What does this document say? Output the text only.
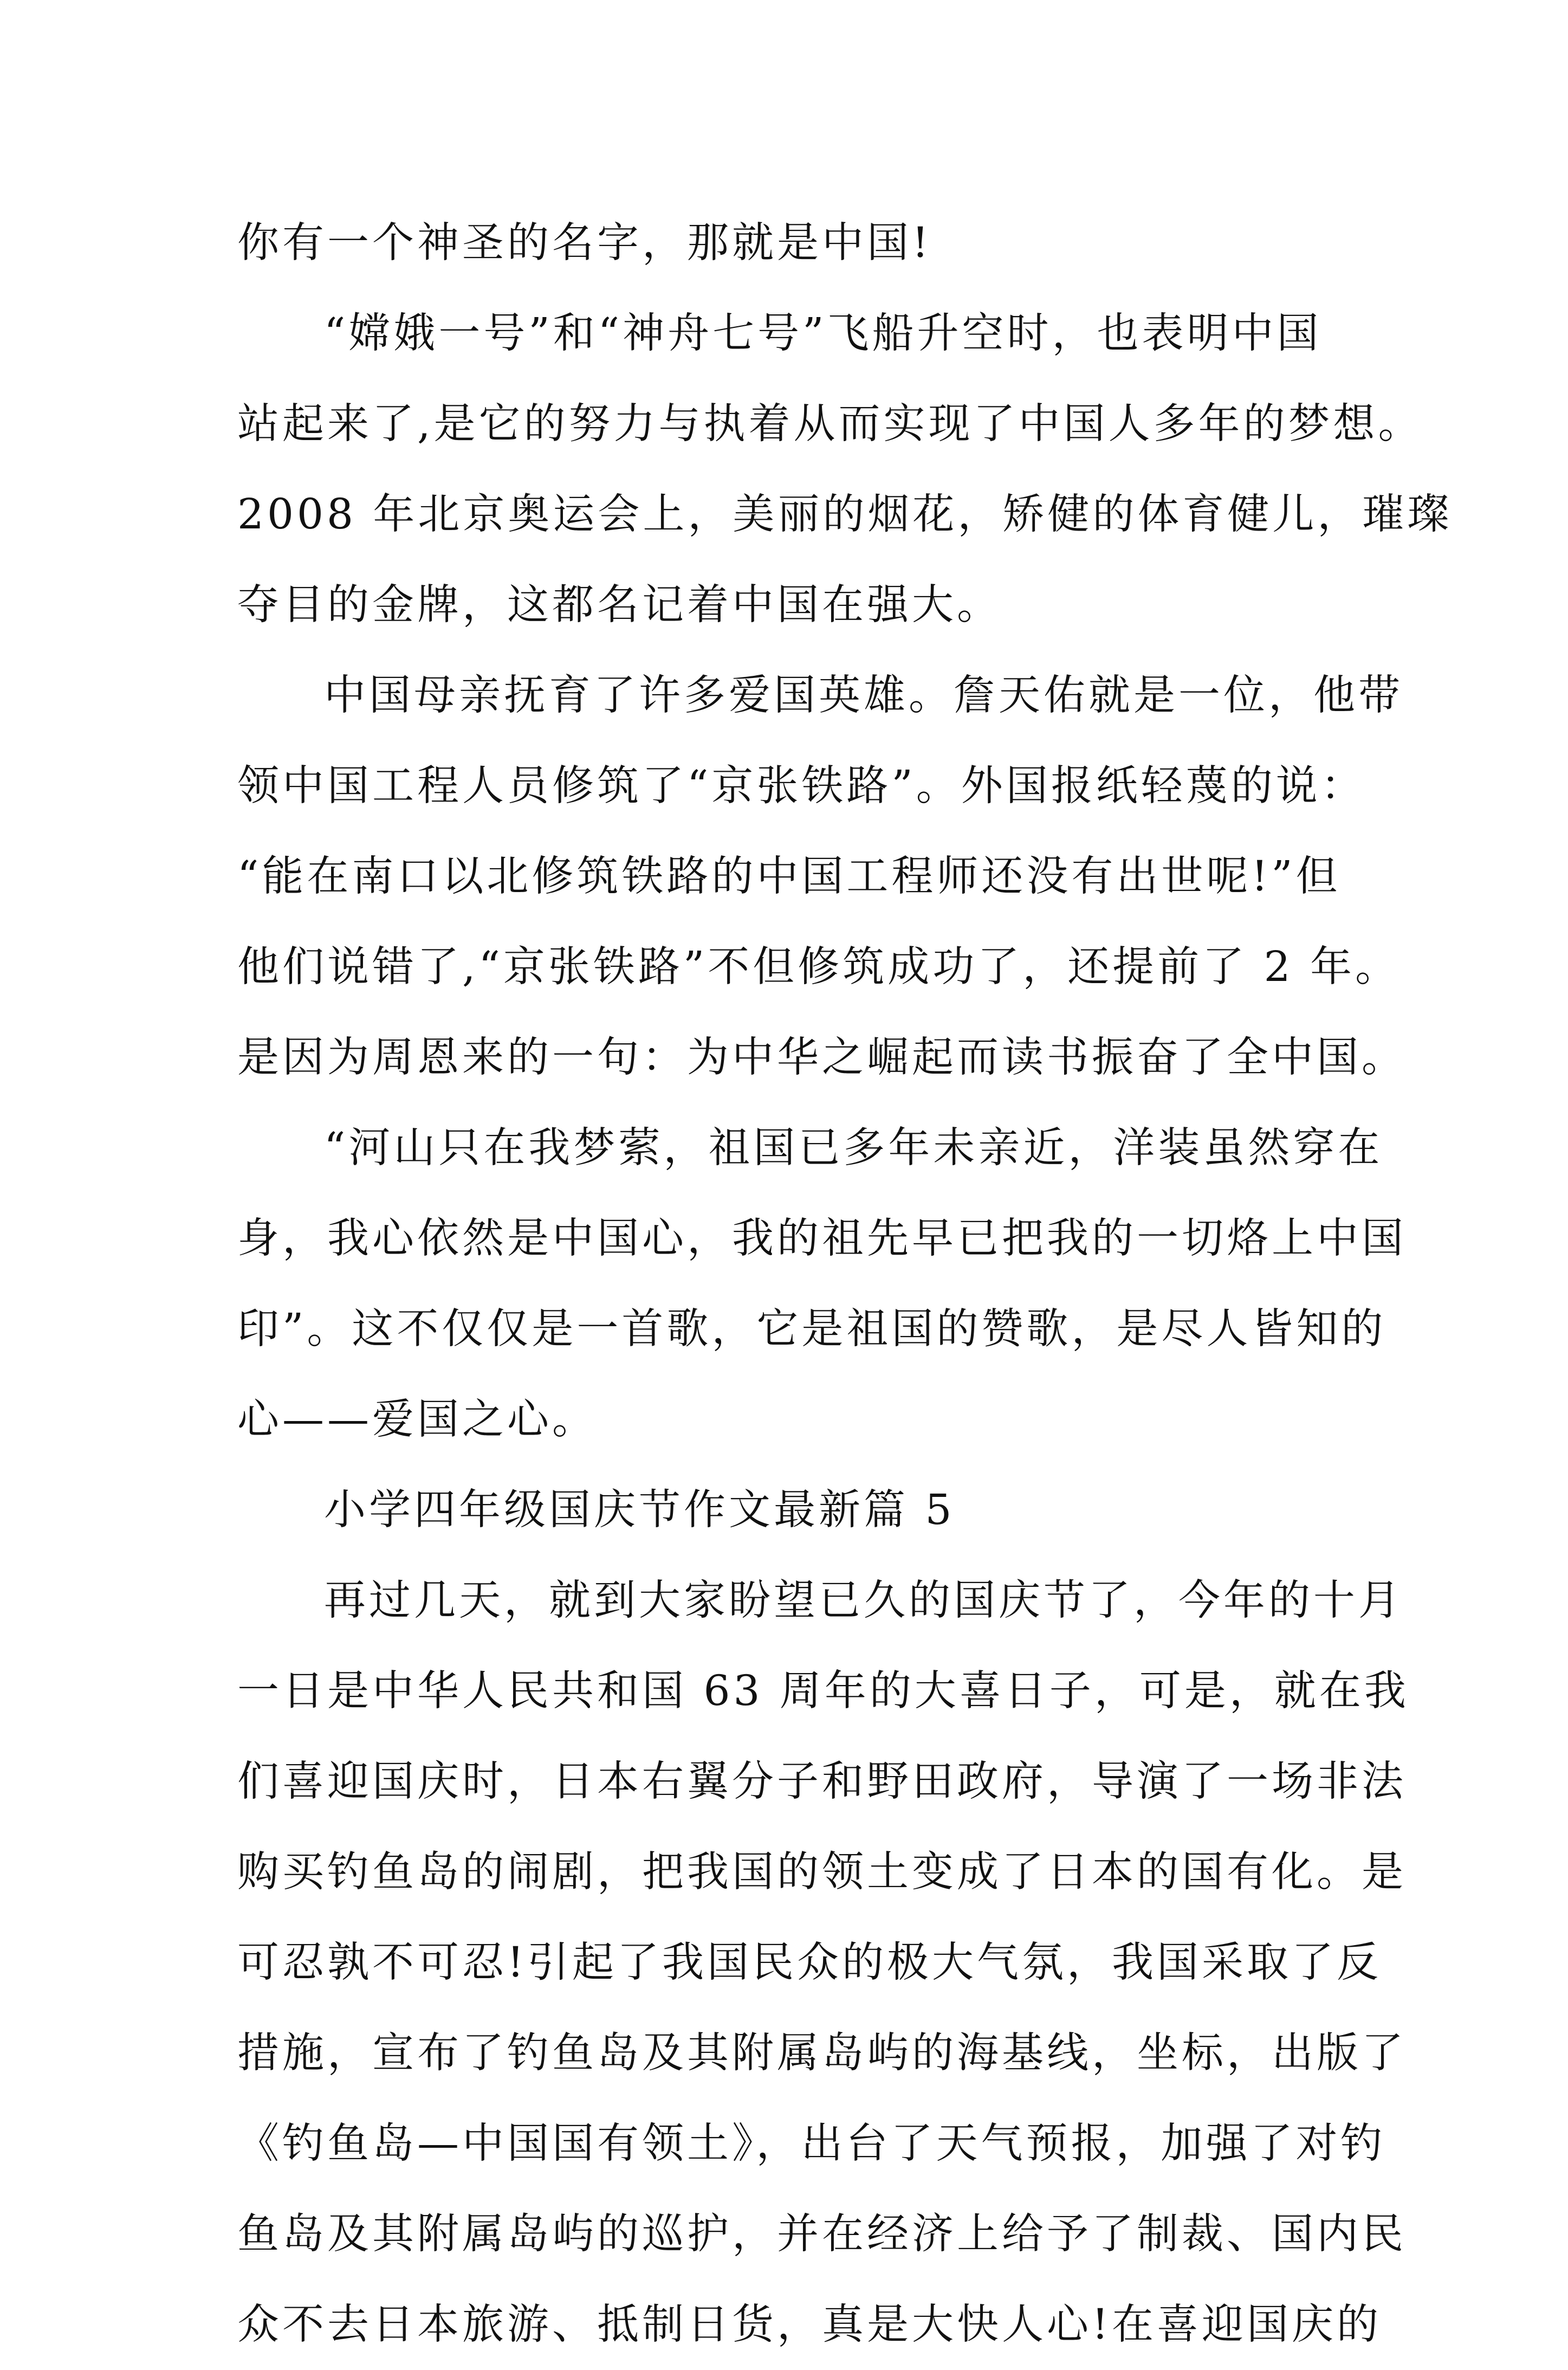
你有一个神圣的名字，那就是中国!
“嫦娥一号”和“神舟七号”飞船升空时，也表明中国
站起来了,是它的努力与执着从而实现了中国人多年的梦想。
2008 年北京奥运会上，美丽的烟花，矫健的体育健儿，璀璨
夺目的金牌，这都名记着中国在强大。
中国母亲抚育了许多爱国英雄。詹天佑就是一位，他带
领中国工程人员修筑了“京张铁路”。外国报纸轻蔑的说：
“能在南口以北修筑铁路的中国工程师还没有出世呢!”但
他们说错了,“京张铁路”不但修筑成功了，还提前了 2 年。
是因为周恩来的一句：为中华之崛起而读书振奋了全中国。
“河山只在我梦萦，祖国已多年未亲近，洋装虽然穿在
身，我心依然是中国心，我的祖先早已把我的一切烙上中国
印”。这不仅仅是一首歌，它是祖国的赞歌，是尽人皆知的
心——爱国之心。
小学四年级国庆节作文最新篇 5
再过几天，就到大家盼望已久的国庆节了，今年的十月
一日是中华人民共和国 63 周年的大喜日子，可是，就在我
们喜迎国庆时，日本右翼分子和野田政府，导演了一场非法
购买钓鱼岛的闹剧，把我国的领土变成了日本的国有化。是
可忍孰不可忍!引起了我国民众的极大气氛，我国采取了反
措施，宣布了钓鱼岛及其附属岛屿的海基线，坐标，出版了
《钓鱼岛—中国国有领土》，出台了天气预报，加强了对钓
鱼岛及其附属岛屿的巡护，并在经济上给予了制裁、国内民
众不去日本旅游、抵制日货，真是大快人心!在喜迎国庆的
